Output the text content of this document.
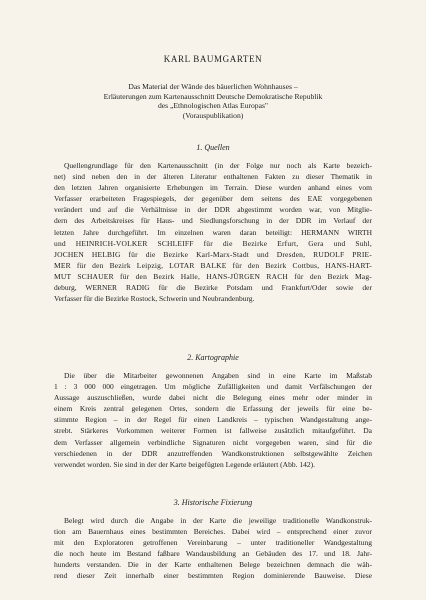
KARL BAUMGARTEN
Das Material der Wände des bäuerlichen Wohnhauses –
Erläuterungen zum Kartenausschnitt Deutsche Demokratische Republik
des „Ethnologischen Atlas Europas"
(Vorauspublikation)
1. Quellen
Quellengrundlage für den Kartenausschnitt (in der Folge nur noch als Karte bezeich-
net) sind neben den in der älteren Literatur enthaltenen Fakten zu dieser Thematik in
den letzten Jahren organisierte Erhebungen im Terrain. Diese wurden anhand eines vom
Verfasser erarbeiteten Fragespiegels, der gegenüber dem seitens des EAE vorgegebenen
verändert und auf die Verhältnisse in der DDR abgestimmt worden war, von Mitglie-
dern des Arbeitskreises für Haus- und Siedlungsforschung in der DDR im Verlauf der
letzten Jahre durchgeführt. Im einzelnen waren daran beteiligt: HERMANN WIRTH
und HEINRICH-VOLKER SCHLEIFF für die Bezirke Erfurt, Gera und Suhl,
JOCHEN HELBIG für die Bezirke Karl-Marx-Stadt und Dresden, RUDOLF PRIE-
MER für den Bezirk Leipzig, LOTAR BALKE für den Bezirk Cottbus, HANS-HART-
MUT SCHAUER für den Bezirk Halle, HANS-JÜRGEN RACH für den Bezirk Mag-
deburg, WERNER RADIG für die Bezirke Potsdam und Frankfurt/Oder sowie der
Verfasser für die Bezirke Rostock, Schwerin und Neubrandenburg.
2. Kartographie
Die über die Mitarbeiter gewonnenen Angaben sind in eine Karte im Maßstab
1 : 3 000 000 eingetragen. Um mögliche Zufälligkeiten und damit Verfälschungen der
Aussage auszuschließen, wurde dabei nicht die Belegung eines mehr oder minder in
einem Kreis zentral gelegenen Ortes, sondern die Erfassung der jeweils für eine be-
stimmte Region – in der Regel für einen Landkreis – typischen Wandgestaltung ange-
strebt. Stärkeres Vorkommen weiterer Formen ist fallweise zusätzlich mitaufgeführt. Da
dem Verfasser allgemein verbindliche Signaturen nicht vorgegeben waren, sind für die
verschiedenen in der DDR anzutreffenden Wandkonstruktionen selbstgewählte Zeichen
verwendet worden. Sie sind in der der Karte beigefügten Legende erläutert (Abb. 142).
3. Historische Fixierung
Belegt wird durch die Angabe in der Karte die jeweilige traditionelle Wandkonstruk-
tion am Bauernhaus eines bestimmten Bereiches. Dabei wird – entsprechend einer zuvor
mit den Exploratoren getroffenen Vereinbarung – unter traditioneller Wandgestaltung
die noch heute im Bestand faßbare Wandausbildung an Gebäuden des 17. und 18. Jahr-
hunderts verstanden. Die in der Karte enthaltenen Belege bezeichnen demnach die wäh-
rend dieser Zeit innerhalb einer bestimmten Region dominierende Bauweise. Diese
